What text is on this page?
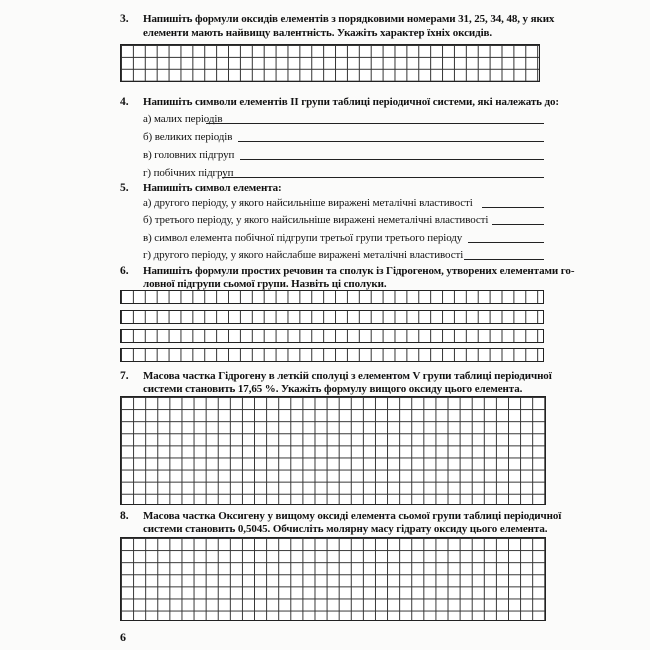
3. Напишіть формули оксидів елементів з порядковими номерами 31, 25, 34, 48, у яких
елементи мають найвищу валентність. Укажіть характер їхніх оксидів.
4. Напишіть символи елементів II групи таблиці періодичної системи, які належать до:
а) малих періодів
б) великих періодів
в) головних підгруп
г) побічних підгруп
5. Напишіть символ елемента:
а) другого періоду, у якого найсильніше виражені металічні властивості
б) третього періоду, у якого найсильніше виражені неметалічні властивості
в) символ елемента побічної підгрупи третьої групи третього періоду
г) другого періоду, у якого найслабше виражені металічні властивості
6. Напишіть формули простих речовин та сполук із Гідрогеном, утворених елементами го-
ловної підгрупи сьомої групи. Назвіть ці сполуки.
7. Масова частка Гідрогену в леткій сполуці з елементом V групи таблиці періодичної
системи становить 17,65 %. Укажіть формулу вищого оксиду цього елемента.
8. Масова частка Оксигену у вищому оксиді елемента сьомої групи таблиці періодичної
системи становить 0,5045. Обчисліть молярну масу гідрату оксиду цього елемента.
6
